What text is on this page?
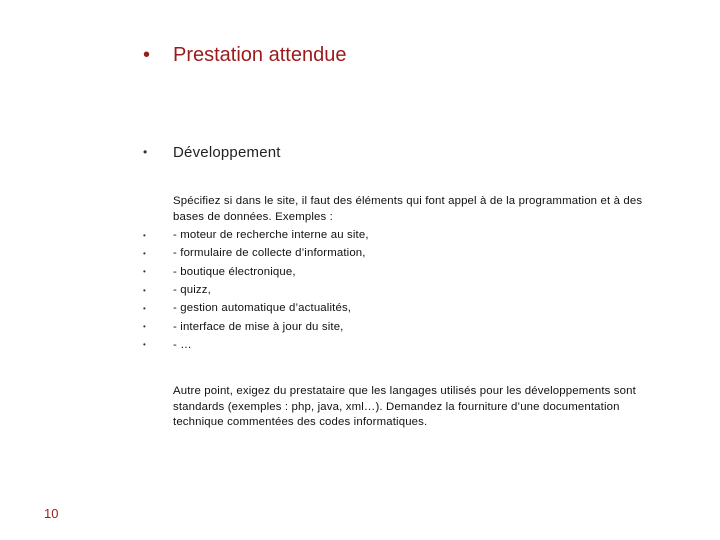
•	Prestation attendue
•	Développement

Spécifiez si dans le site, il faut des éléments qui font appel à de la programmation et à des bases de données. Exemples :

•	- moteur de recherche interne au site,
•	- formulaire de collecte d’information,
•	- boutique électronique,
•	- quizz,
•	- gestion automatique d’actualités,
•	- interface de mise à jour du site,
•	- …

Autre point, exigez du prestataire que les langages utilisés pour les développements sont standards (exemples : php, java, xml…). Demandez la fourniture d’une documentation technique commentées des codes informatiques.

10
